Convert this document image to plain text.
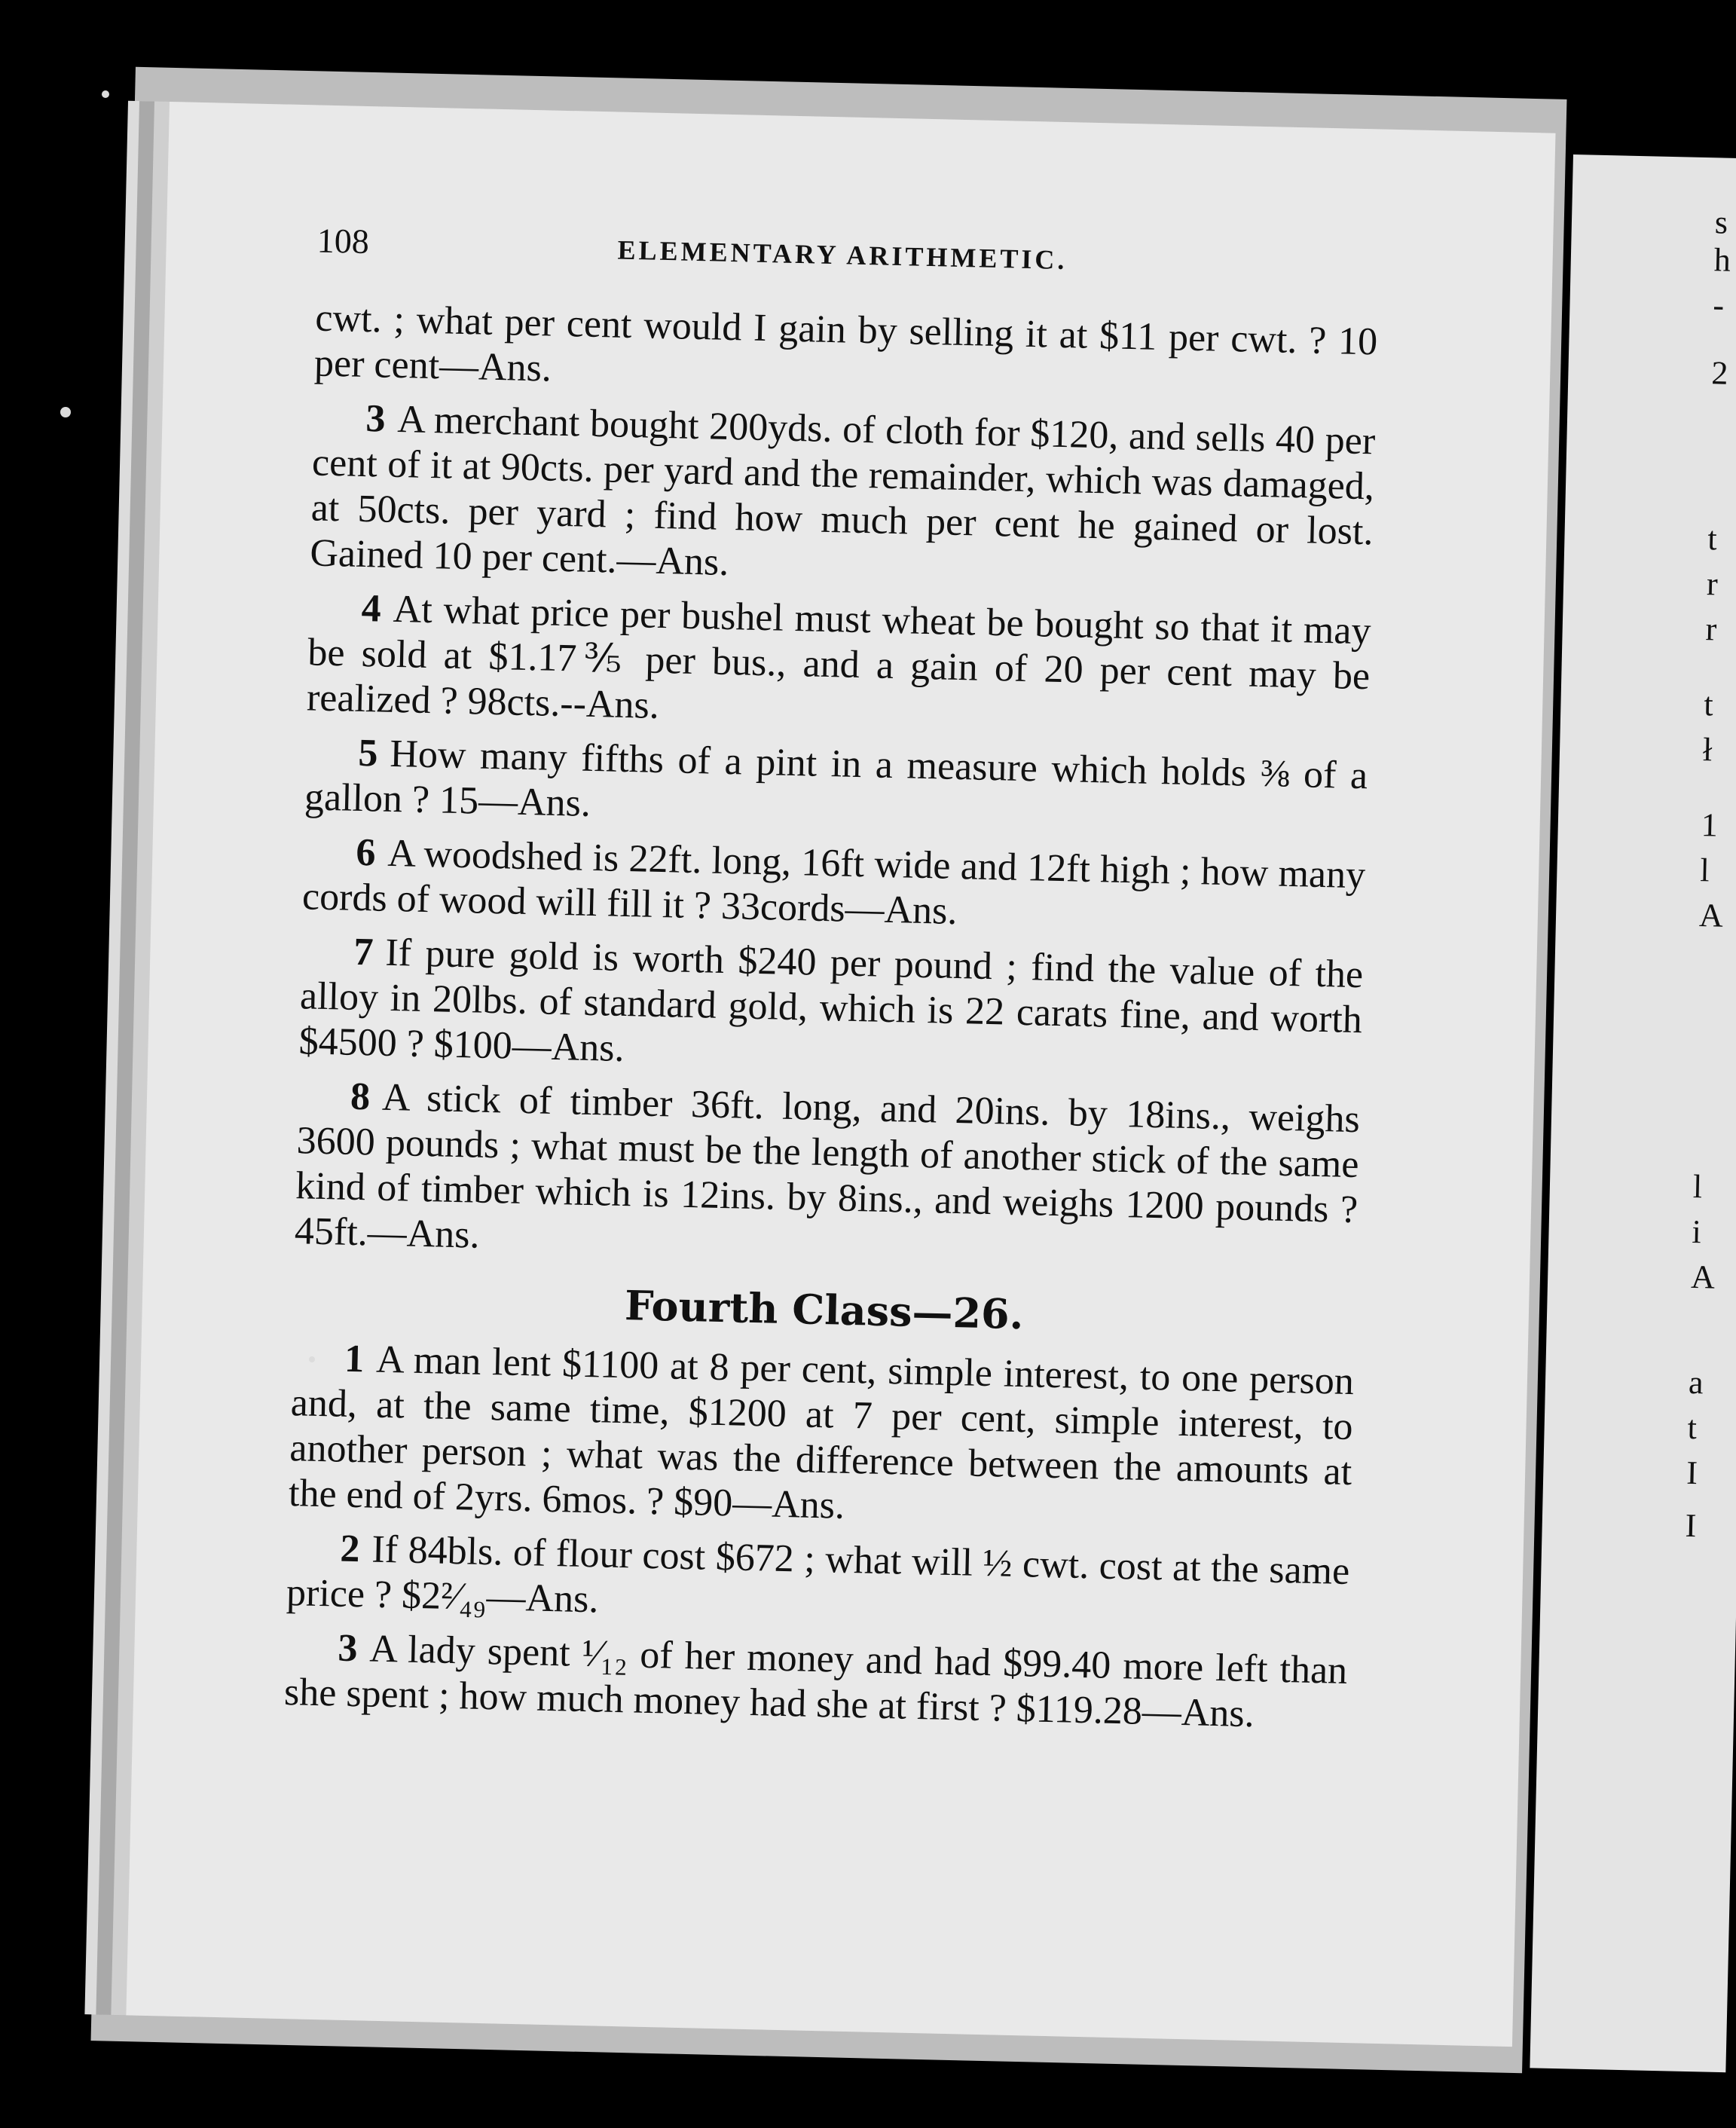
s
h
-
2
t
r
r
t
ł
1
l
A
l
i
A
a
t
I
I
108	ELEMENTARY ARITHMETIC.

cwt. ; what per cent would I gain by selling it at $11 per cwt. ? 10 per cent—Ans.

3 A merchant bought 200yds. of cloth for $120, and sells 40 per cent of it at 90cts. per yard and the remainder, which was damaged, at 50cts. per yard ; find how much per cent he gained or lost. Gained 10 per cent.—Ans.

4 At what price per bushel must wheat be bought so that it may be sold at $1.17⅗ per bus., and a gain of 20 per cent may be realized ? 98cts.--Ans.

5 How many fifths of a pint in a measure which holds ⅜ of a gallon ? 15—Ans.

6 A woodshed is 22ft. long, 16ft wide and 12ft high ; how many cords of wood will fill it ? 33cords—Ans.

7 If pure gold is worth $240 per pound ; find the value of the alloy in 20lbs. of standard gold, which is 22 carats fine, and worth $4500 ? $100—Ans.

8 A stick of timber 36ft. long, and 20ins. by 18ins., weighs 3600 pounds ; what must be the length of another stick of the same kind of timber which is 12ins. by 8ins., and weighs 1200 pounds ? 45ft.—Ans.

Fourth Class—26.

1 A man lent $1100 at 8 per cent, simple interest, to one person and, at the same time, $1200 at 7 per cent, simple interest, to another person ; what was the difference between the amounts at the end of 2yrs. 6mos. ? $90—Ans.

2 If 84bls. of flour cost $672 ; what will ½ cwt. cost at the same price ? $2²⁄₄₉—Ans.

3 A lady spent ¹⁄₁₂ of her money and had $99.40 more left than she spent ; how much money had she at first ? $119.28—Ans.
